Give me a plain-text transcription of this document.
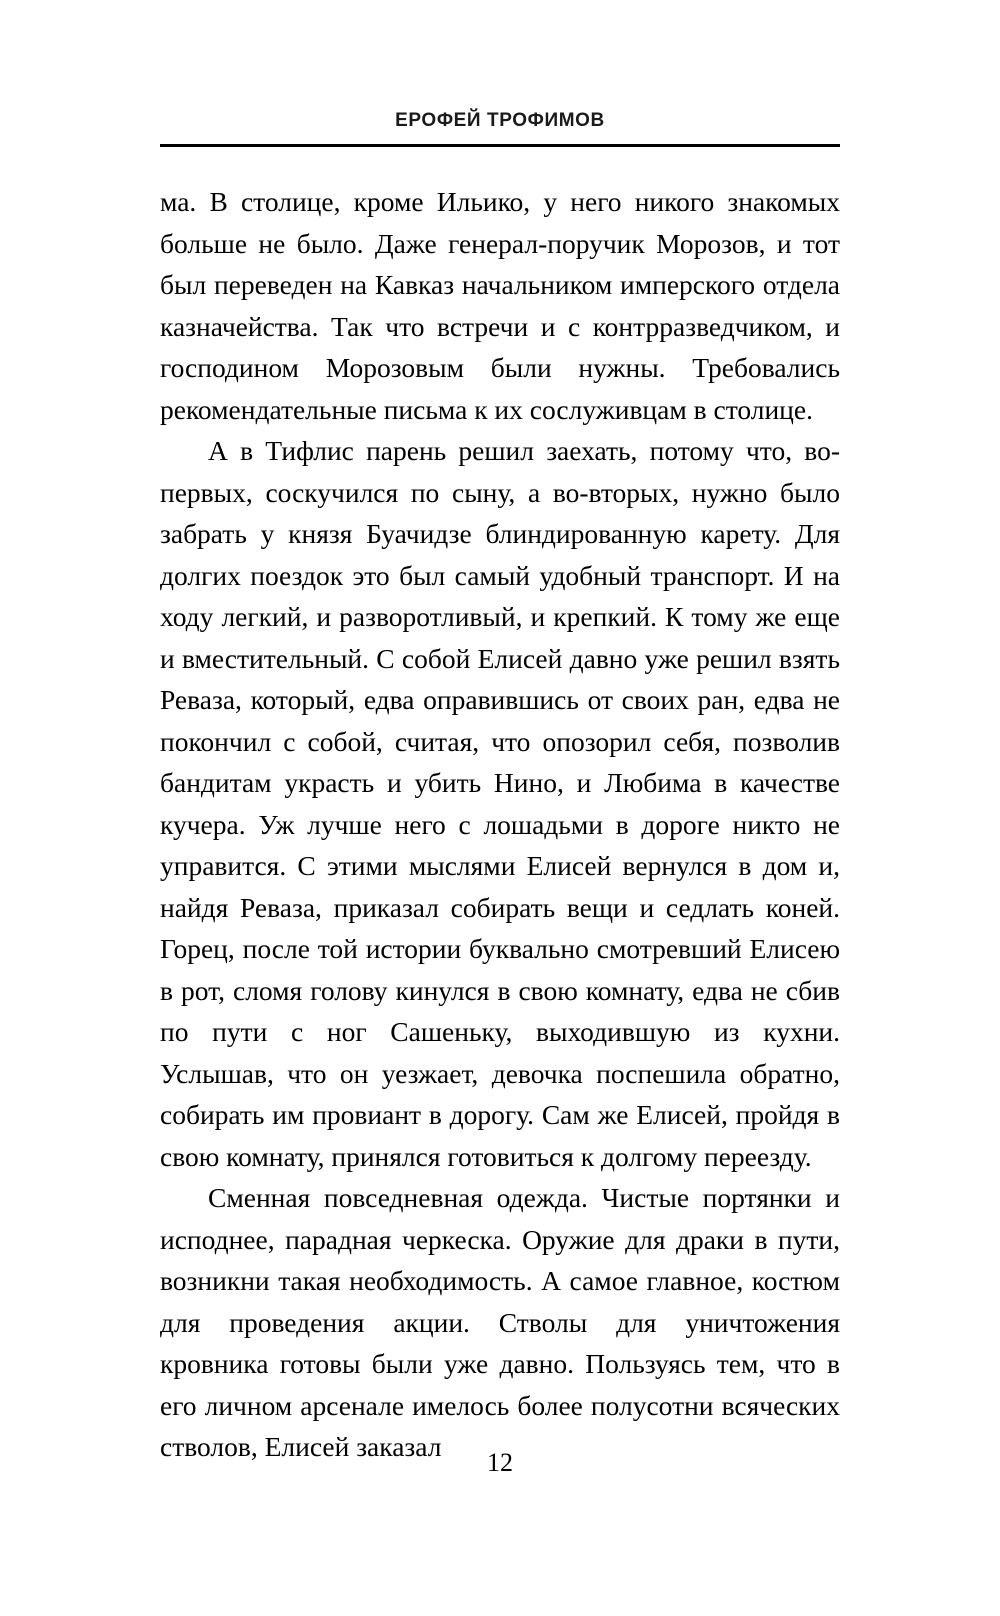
ЕРОФЕЙ ТРОФИМОВ

ма. В столице, кроме Ильико, у него никого знакомых больше не было. Даже генерал-поручик Морозов, и тот был переведен на Кавказ начальником имперского отдела казначейства. Так что встречи и с контрразведчиком, и господином Морозовым были нужны. Требовались рекомендательные письма к их сослуживцам в столице.

А в Тифлис парень решил заехать, потому что, во-первых, соскучился по сыну, а во-вторых, нужно было забрать у князя Буачидзе блиндированную карету. Для долгих поездок это был самый удобный транспорт. И на ходу легкий, и разворотливый, и крепкий. К тому же еще и вместительный. С собой Елисей давно уже решил взять Реваза, который, едва оправившись от своих ран, едва не покончил с собой, считая, что опозорил себя, позволив бандитам украсть и убить Нино, и Любима в качестве кучера. Уж лучше него с лошадьми в дороге никто не управится. С этими мыслями Елисей вернулся в дом и, найдя Реваза, приказал собирать вещи и седлать коней. Горец, после той истории буквально смотревший Елисею в рот, сломя голову кинулся в свою комнату, едва не сбив по пути с ног Сашеньку, выходившую из кухни. Услышав, что он уезжает, девочка поспешила обратно, собирать им провиант в дорогу. Сам же Елисей, пройдя в свою комнату, принялся готовиться к долгому переезду.

Сменная повседневная одежда. Чистые портянки и исподнее, парадная черкеска. Оружие для драки в пути, возникни такая необходимость. А самое главное, костюм для проведения акции. Стволы для уничтожения кровника готовы были уже давно. Пользуясь тем, что в его личном арсенале имелось более полусотни всяческих стволов, Елисей заказал

12
